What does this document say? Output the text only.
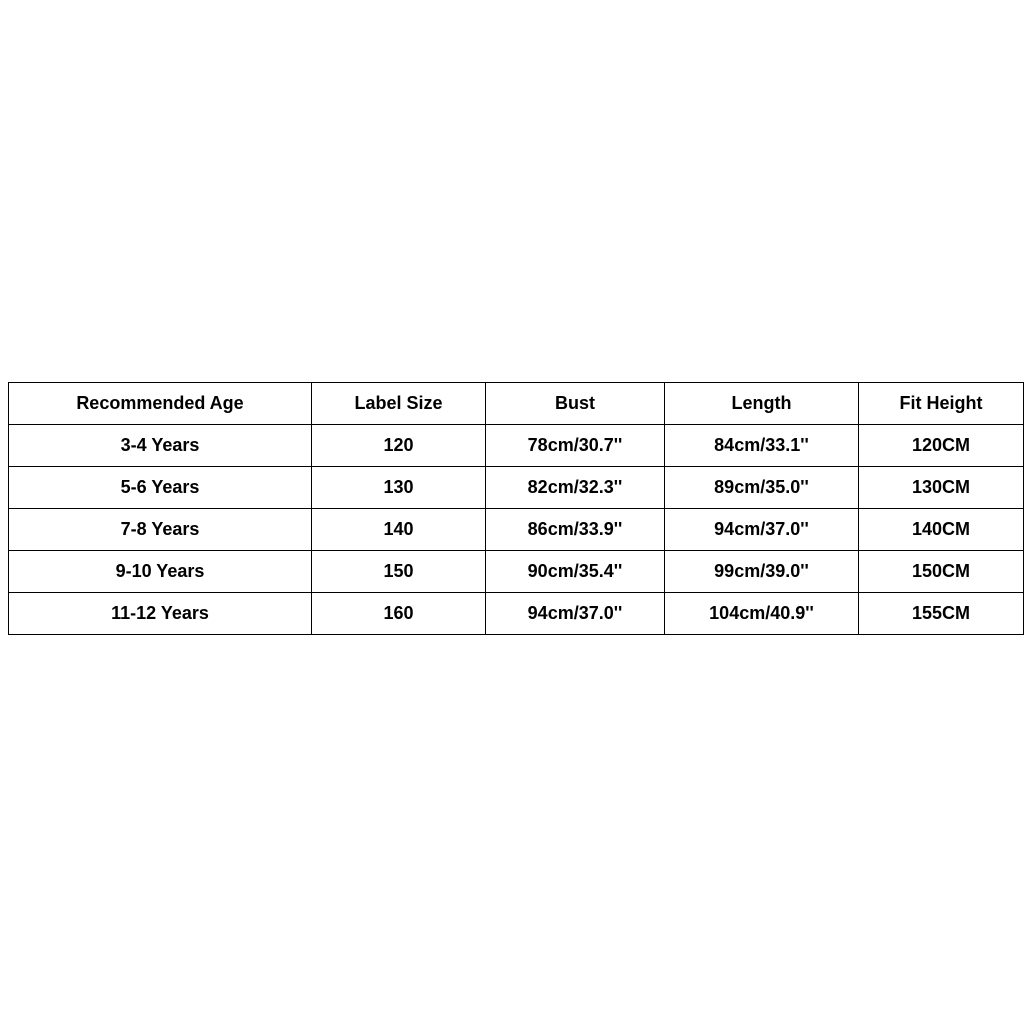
Recommended Age	Label Size	Bust	Length	Fit Height
3-4 Years	120	78cm/30.7''	84cm/33.1''	120CM
5-6 Years	130	82cm/32.3''	89cm/35.0''	130CM
7-8 Years	140	86cm/33.9''	94cm/37.0''	140CM
9-10 Years	150	90cm/35.4''	99cm/39.0''	150CM
11-12 Years	160	94cm/37.0''	104cm/40.9''	155CM
